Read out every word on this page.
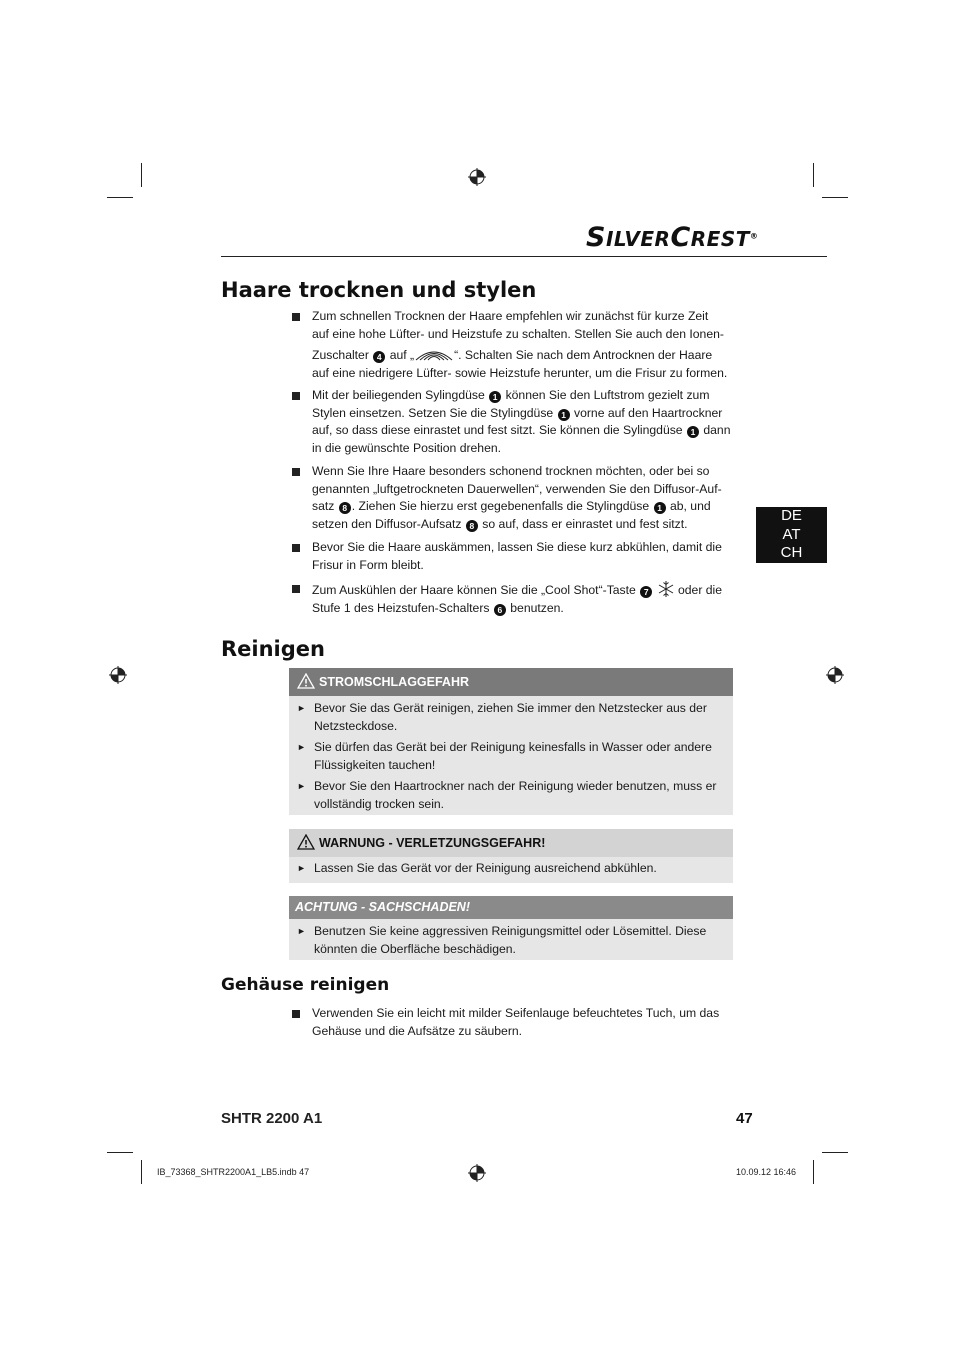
SILVERCREST®
Haare trocknen und stylen
Zum schnellen Trocknen der Haare empfehlen wir zunächst für kurze Zeit
auf eine hohe Lüfter- und Heizstufe zu schalten. Stellen Sie auch den Ionen-
Zuschalter 4 auf „	“. Schalten Sie nach dem Antrocknen der Haare
auf eine niedrigere Lüfter- sowie Heizstufe herunter, um die Frisur zu formen.
Mit der beiliegenden Sylingdüse 1 können Sie den Luftstrom gezielt zum
Stylen einsetzen. Setzen Sie die Stylingdüse 1 vorne auf den Haartrockner
auf, so dass diese einrastet und fest sitzt. Sie können die Sylingdüse 1 dann
in die gewünschte Position drehen.
Wenn Sie Ihre Haare besonders schonend trocknen möchten, oder bei so
genannten „luftgetrockneten Dauerwellen“, verwenden Sie den Diffusor-Auf-
satz 8 . Ziehen Sie hierzu erst gegebenenfalls die Stylingdüse 1 ab, und
setzen den Diffusor-Aufsatz 8 so auf, dass er einrastet und fest sitzt.
Bevor Sie die Haare auskämmen, lassen Sie diese kurz abkühlen, damit die
Frisur in Form bleibt.
Zum Auskühlen der Haare können Sie die „Cool Shot“-Taste 7 oder die
Stufe 1 des Heizstufen-Schalters 6 benutzen.
DE
AT
CH
Reinigen
STROMSCHLAGGEFAHR
► Bevor Sie das Gerät reinigen, ziehen Sie immer den Netzstecker aus der
Netzsteckdose.
► Sie dürfen das Gerät bei der Reinigung keinesfalls in Wasser oder andere
Flüssigkeiten tauchen!
► Bevor Sie den Haartrockner nach der Reinigung wieder benutzen, muss er
vollständig trocken sein.
WARNUNG - VERLETZUNGSGEFAHR!
► Lassen Sie das Gerät vor der Reinigung ausreichend abkühlen.
ACHTUNG - SACHSCHADEN!
► Benutzen Sie keine aggressiven Reinigungsmittel oder Lösemittel. Diese
könnten die Oberfläche beschädigen.
Gehäuse reinigen
Verwenden Sie ein leicht mit milder Seifenlauge befeuchtetes Tuch, um das
Gehäuse und die Aufsätze zu säubern.
SHTR 2200 A1	47
IB_73368_SHTR2200A1_LB5.indb 47	10.09.12 16:46
